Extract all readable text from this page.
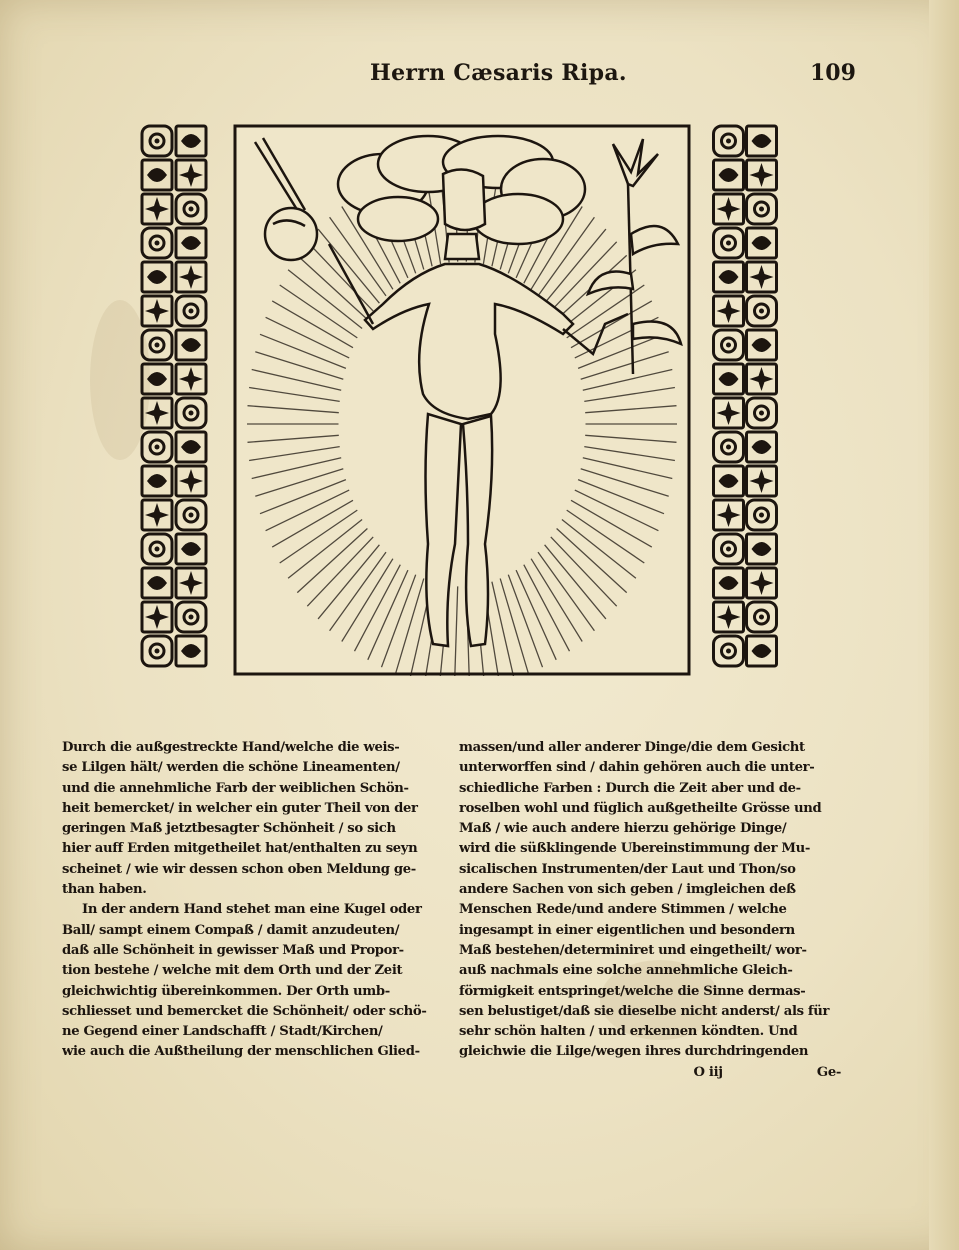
Herrn Cæsaris Ripa.	109
Durch die außgestreckte Hand/welche die weis-
se Lilgen hält/ werden die schöne Lineamenten/
und die annehmliche Farb der weiblichen Schön-
heit bemercket/ in welcher ein guter Theil von der
geringen Maß jetztbesagter Schönheit / so sich
hier auff Erden mitgetheilet hat/enthalten zu seyn
scheinet / wie wir dessen schon oben Meldung ge-
than haben.
In der andern Hand stehet man eine Kugel oder
Ball/ sampt einem Compaß / damit anzudeuten/
daß alle Schönheit in gewisser Maß und Propor-
tion bestehe / welche mit dem Orth und der Zeit
gleichwichtig übereinkommen. Der Orth umb-
schliesset und bemercket die Schönheit/ oder schö-
ne Gegend einer Landschafft / Stadt/Kirchen/
wie auch die Außtheilung der menschlichen Glied-
massen/und aller anderer Dinge/die dem Gesicht
unterworffen sind / dahin gehören auch die unter-
schiedliche Farben : Durch die Zeit aber und de-
roselben wohl und füglich außgetheilte Grösse und
Maß / wie auch andere hierzu gehörige Dinge/
wird die süßklingende Ubereinstimmung der Mu-
sicalischen Instrumenten/der Laut und Thon/so
andere Sachen von sich geben / imgleichen deß
Menschen Rede/und andere Stimmen / welche
ingesampt in einer eigentlichen und besondern
Maß bestehen/determiniret und eingetheilt/ wor-
auß nachmals eine solche annehmliche Gleich-
förmigkeit entspringet/welche die Sinne dermas-
sen belustiget/daß sie dieselbe nicht anderst/ als für
sehr schön halten / und erkennen köndten. Und
gleichwie die Lilge/wegen ihres durchdringenden
O iij	Ge-
